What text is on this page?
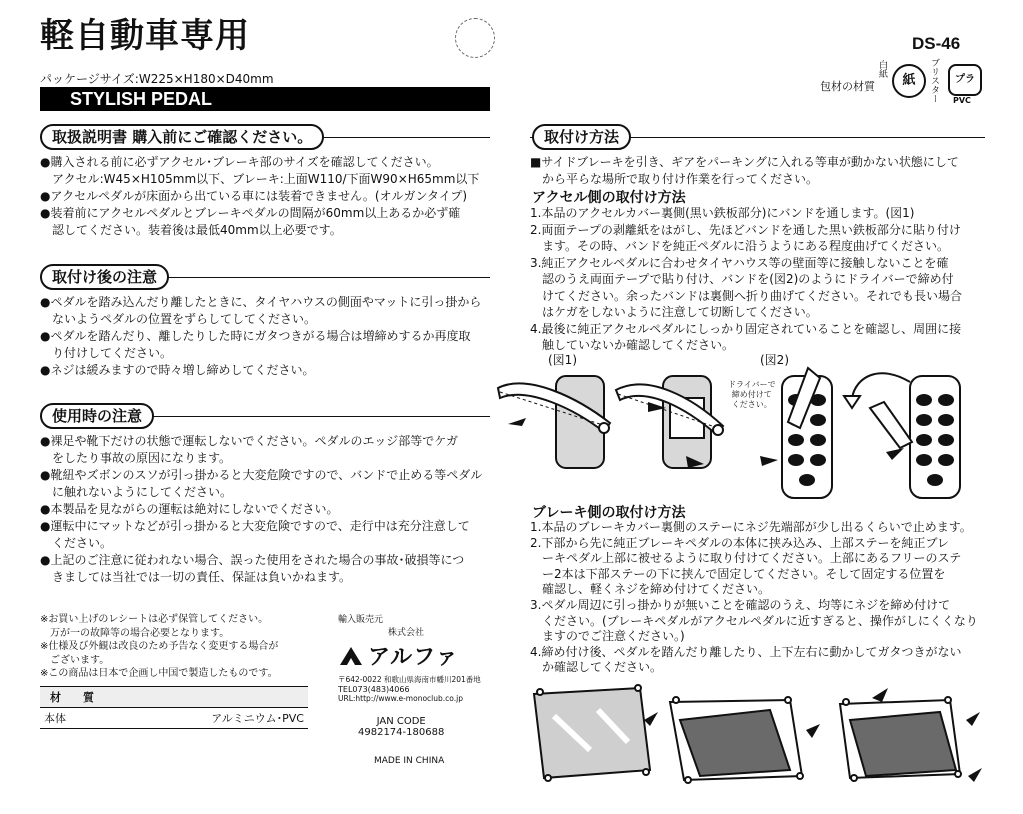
軽自動車専用
パッケージサイズ:W225×H180×D40mm
STYLISH PEDAL
DS-46
包材の材質
白紙
紙	ブリスター	プラ
PVC
取扱説明書 購入前にご確認ください。

●購入される前に必ずアクセル･ブレーキ部のサイズを確認してください。

　アクセル:W45×H105mm以下、ブレーキ:上面W110/下面W90×H65mm以下

●アクセルペダルが床面から出ている車には装着できません。(オルガンタイプ)

●装着前にアクセルペダルとブレーキペダルの間隔が60mm以上あるか必ず確

　認してください。装着後は最低40mm以上必要です。

取付け後の注意

●ペダルを踏み込んだり離したときに、タイヤハウスの側面やマットに引っ掛から

　ないようペダルの位置をずらしてしてください。

●ペダルを踏んだり、離したりした時にガタつきがる場合は増締めするか再度取

　り付けしてください。

●ネジは緩みますので時々増し締めしてください。

使用時の注意

●裸足や靴下だけの状態で運転しないでください。ペダルのエッジ部等でケガ

　をしたり事故の原因になります。

●靴紐やズボンのスソが引っ掛かると大変危険ですので、バンドで止める等ペダル

　に触れないようにしてください。

●本製品を見ながらの運転は絶対にしないでください。

●運転中にマットなどが引っ掛かると大変危険ですので、走行中は充分注意して

　ください。

●上記のご注意に従われない場合、誤った使用をされた場合の事故･破損等につ

　きましては当社では一切の責任、保証は負いかねます。

※お買い上げのレシートは必ず保管してください。

　万が一の故障等の場合必要となります。

※仕様及び外観は改良のため予告なく変更する場合が

　ございます。

※この商品は日本で企画し中国で製造したものです。

材　　質
本体	アルミニウム･PVC
輸入販売元
株式会社
アルファ
〒642-0022 和歌山県海南市幡川201番地
TEL073(483)4066
URL:http://www.e-monoclub.co.jp
JAN CODE
4982174-180688
MADE IN CHINA
取付け方法

■サイドブレーキを引き、ギアをパーキングに入れる等車が動かない状態にして

　から平らな場所で取り付け作業を行ってください。

アクセル側の取付け方法

1.本品のアクセルカバー裏側(黒い鉄板部分)にバンドを通します。(図1)

2.両面テープの剥離紙をはがし、先ほどバンドを通した黒い鉄板部分に貼り付け

　ます。その時、バンドを純正ペダルに沿うようにある程度曲げてください。

3.純正アクセルペダルに合わせタイヤハウス等の壁面等に接触しないことを確

　認のうえ両面テープで貼り付け、バンドを(図2)のようにドライバーで締め付

　けてください。余ったバンドは裏側へ折り曲げてください。それでも長い場合

　はケガをしないように注意して切断してください。

4.最後に純正アクセルペダルにしっかり固定されていることを確認し、周囲に接

　触していないか確認してください。

(図1)	(図2)
ドライバーで
締め付けて
ください。
ブレーキ側の取付け方法

1.本品のブレーキカバー裏側のステーにネジ先端部が少し出るくらいで止めます。

2.下部から先に純正ブレーキペダルの本体に挟み込み、上部ステーを純正ブレ

　ーキペダル上部に被せるように取り付けてください。上部にあるフリーのステ

　ー2本は下部ステーの下に挟んで固定してください。そして固定する位置を

　確認し、軽くネジを締め付けてください。

3.ペダル周辺に引っ掛かりが無いことを確認のうえ、均等にネジを締め付けて

　ください。(ブレーキペダルがアクセルペダルに近すぎると、操作がしにくくなり

　ますのでご注意ください。)

4.締め付け後、ペダルを踏んだり離したり、上下左右に動かしてガタつきがない

　か確認してください。
